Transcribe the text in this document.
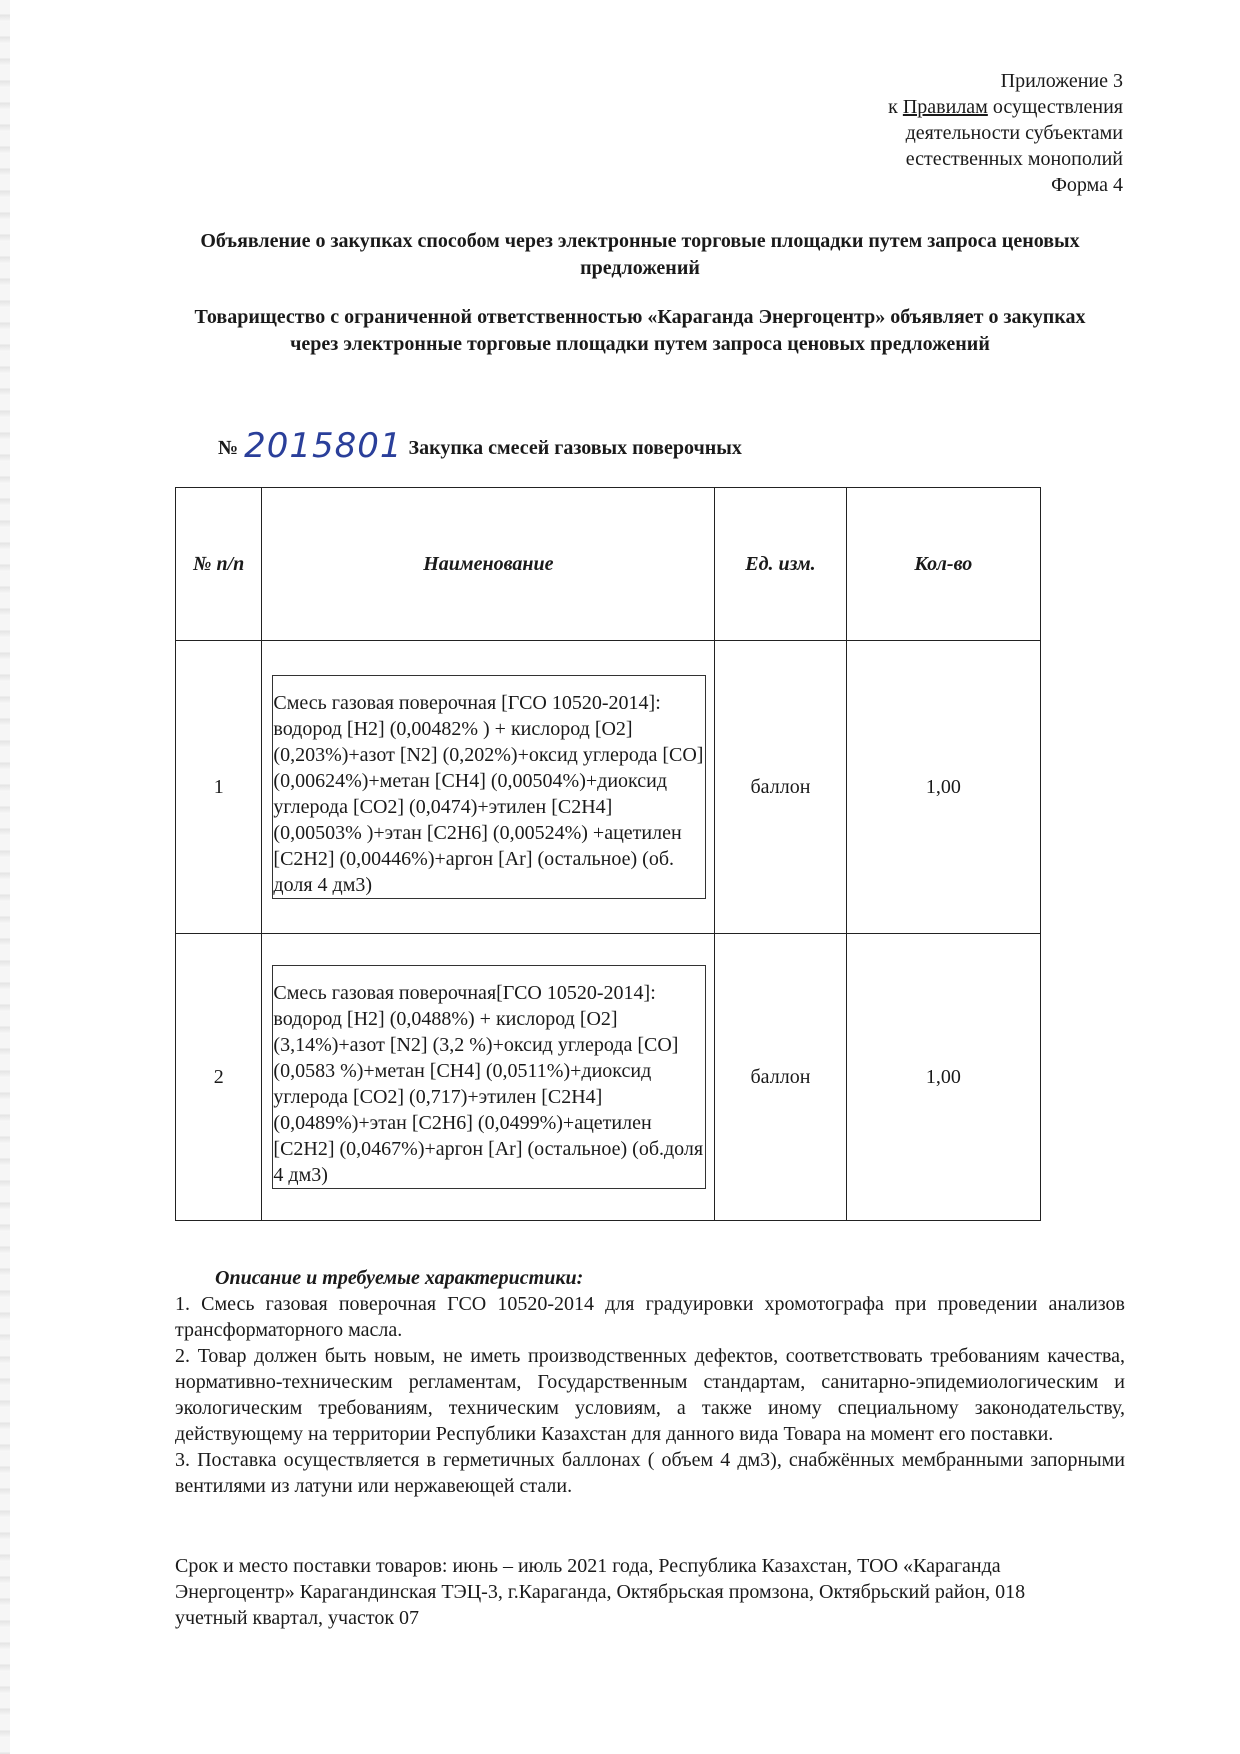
Приложение 3
к Правилам осуществления
деятельности субъектами
естественных монополий
Форма 4
Объявление о закупках способом через электронные торговые площадки путем запроса ценовых предложений
Товарищество с ограниченной ответственностью «Караганда Энергоцентр» объявляет о закупках через электронные торговые площадки путем запроса ценовых предложений
№ 2015801 Закупка смесей газовых поверочных
№ п/п	Наименование	Ед. изм.	Кол-во
1	Смесь газовая поверочная [ГСО 10520-2014]: водород [Н2] (0,00482% ) + кислород [О2] (0,203%)+азот [N2] (0,202%)+оксид углерода [СО] (0,00624%)+метан [СН4] (0,00504%)+диоксид углерода [СО2] (0,0474)+этилен [С2Н4] (0,00503% )+этан [С2Н6] (0,00524%) +ацетилен [С2Н2] (0,00446%)+аргон [Ar] (остальное) (об. доля 4 дм3)	баллон	1,00
2	Смесь газовая поверочная[ГСО 10520-2014]: водород [Н2] (0,0488%) + кислород [О2] (3,14%)+азот [N2] (3,2 %)+оксид углерода [СО] (0,0583 %)+метан [СН4] (0,0511%)+диоксид углерода [СО2] (0,717)+этилен [С2Н4] (0,0489%)+этан [С2Н6] (0,0499%)+ацетилен [С2Н2] (0,0467%)+аргон [Ar] (остальное) (об.доля 4 дм3)	баллон	1,00
Описание и требуемые характеристики:

1. Смесь газовая поверочная ГСО 10520-2014 для градуировки хромотографа при проведении анализов трансформаторного масла.

2. Товар должен быть новым, не иметь производственных дефектов, соответствовать требованиям качества, нормативно-техническим регламентам, Государственным стандартам, санитарно-эпидемиологическим и экологическим требованиям, техническим условиям, а также иному специальному законодательству, действующему на территории Республики Казахстан для данного вида Товара на момент его поставки.

3. Поставка осуществляется в герметичных баллонах ( объем 4 дм3), снабжённых мембранными запорными вентилями из латуни или нержавеющей стали.

Срок и место поставки товаров: июнь – июль 2021 года, Республика Казахстан, ТОО «Караганда Энергоцентр» Карагандинская ТЭЦ-3, г.Караганда, Октябрьская промзона, Октябрьский район, 018 учетный квартал, участок 07
